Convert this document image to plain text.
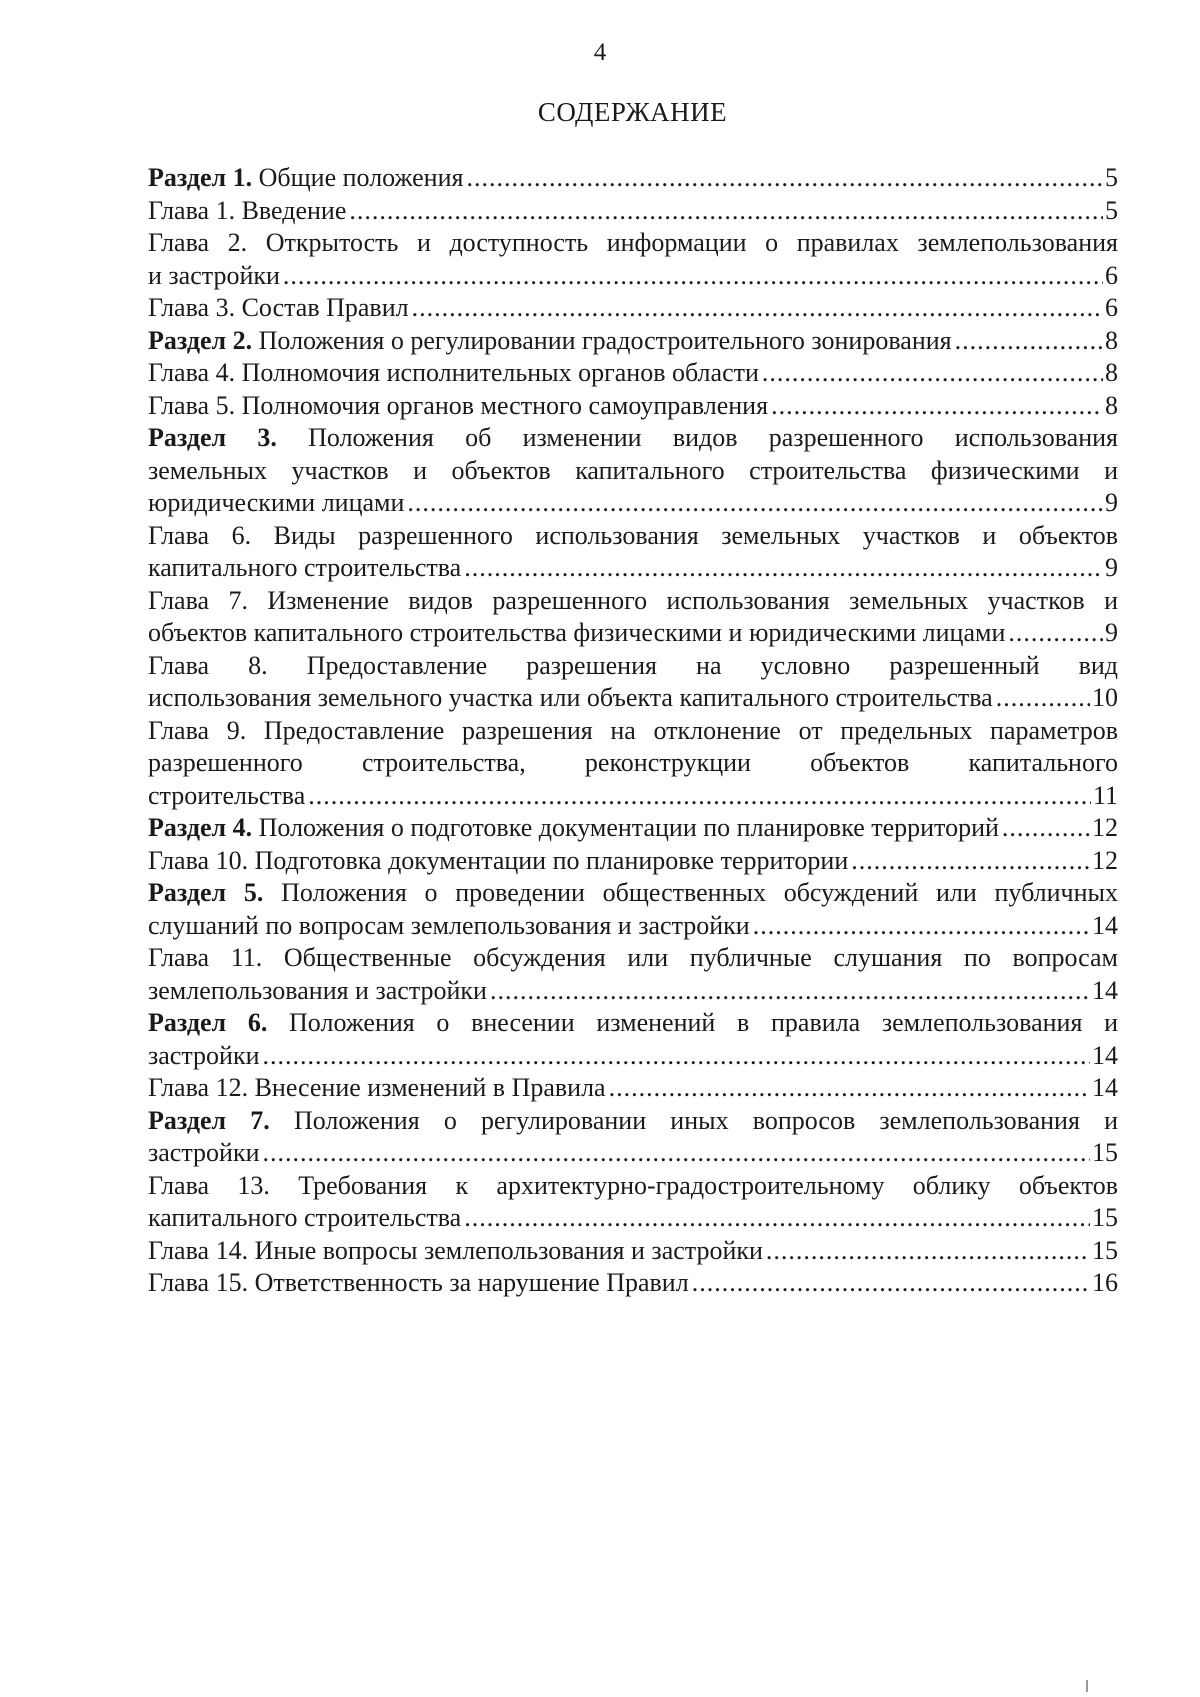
4
СОДЕРЖАНИЕ
Раздел 1. Общие положения .....	5
Глава 1. Введение .....	5
Глава 2. Открытость и доступность информации о правилах землепользования
и застройки .....	6
Глава 3. Состав Правил .....	6
Раздел 2. Положения о регулировании градостроительного зонирования .....	8
Глава 4. Полномочия исполнительных органов области .....	8
Глава 5. Полномочия органов местного самоуправления .....	8
Раздел 3. Положения об изменении видов разрешенного использования
земельных участков и объектов капитального строительства физическими и
юридическими лицами .....	9
Глава 6. Виды разрешенного использования земельных участков и объектов
капитального строительства .....	9
Глава 7. Изменение видов разрешенного использования земельных участков и
объектов капитального строительства физическими и юридическими лицами .....	9
Глава 8. Предоставление разрешения на условно разрешенный вид
использования земельного участка или объекта капитального строительства .....	10
Глава 9. Предоставление разрешения на отклонение от предельных параметров
разрешенного строительства, реконструкции объектов капитального
строительства .....	11
Раздел 4. Положения о подготовке документации по планировке территорий .....	12
Глава 10. Подготовка документации по планировке территории .....	12
Раздел 5. Положения о проведении общественных обсуждений или публичных
слушаний по вопросам землепользования и застройки .....	14
Глава 11. Общественные обсуждения или публичные слушания по вопросам
землепользования и застройки .....	14
Раздел 6. Положения о внесении изменений в правила землепользования и
застройки .....	14
Глава 12. Внесение изменений в Правила .....	14
Раздел 7. Положения о регулировании иных вопросов землепользования и
застройки .....	15
Глава 13. Требования к архитектурно-градостроительному облику объектов
капитального строительства .....	15
Глава 14. Иные вопросы землепользования и застройки .....	15
Глава 15. Ответственность за нарушение Правил .....	16
